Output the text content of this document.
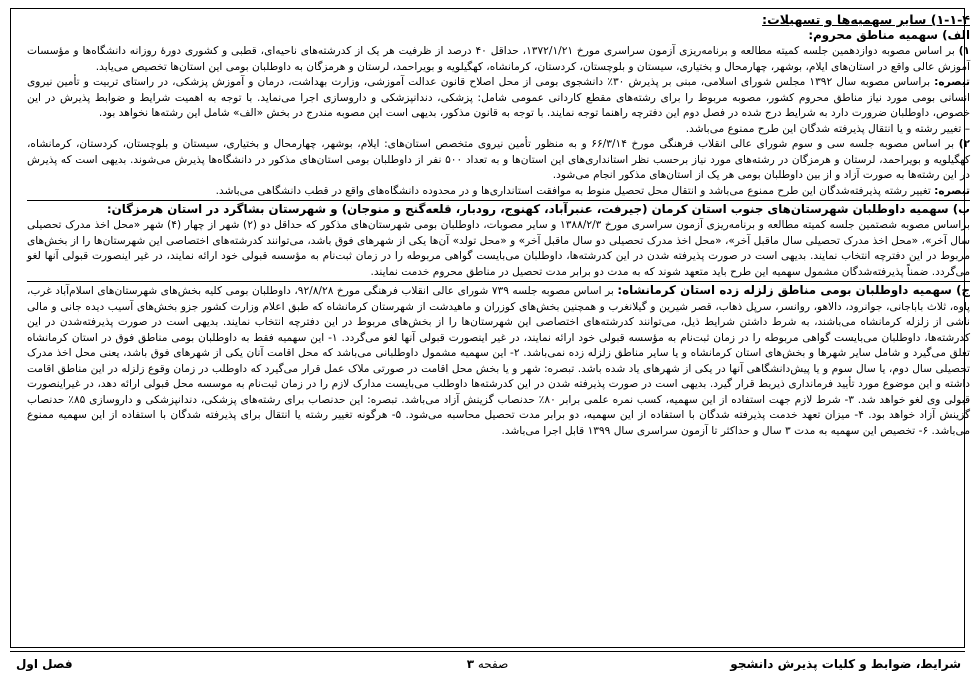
۱-۱-۴) سایر سهمیه‌ها و تسهیلات:

الف) سهمیه مناطق محروم:

۱) بر اساس مصوبه دوازدهمین جلسه کمیته مطالعه و برنامه‌ریزی آزمون سراسری مورخ ۱۳۷۲/۱/۲۱، حداقل ۴۰ درصد از ظرفیت هر یک از کدرشته‌های ناحیه‌ای، قطبی و کشوری دورهٔ روزانه دانشگاه‌ها و مؤسسات آموزش عالی واقع در استان‌های ایلام، بوشهر، چهارمحال و بختیاری، سیستان و بلوچستان، کردستان، کرمانشاه، کهگیلویه و بویراحمد، لرستان و هرمزگان به داوطلبان بومی این استان‌ها تخصیص می‌یابد.

تبصره: براساس مصوبه سال ۱۳۹۲ مجلس شورای اسلامی، مبنی بر پذیرش ۳۰٪ دانشجوی بومی از محل اصلاح قانون عدالت آموزشی، وزارت بهداشت، درمان و آموزش پزشکی، در راستای تربیت و تأمین نیروی انسانی بومی مورد نیاز مناطق محروم کشور، مصوبه مربوط را برای رشته‌های مقطع کاردانی عمومی شامل: پزشکی، دندانپزشکی و داروسازی اجرا می‌نماید. با توجه به اهمیت شرایط و ضوابط پذیرش در این خصوص، داوطلبان ضرورت دارد به شرایط درج شده در فصل دوم این دفترچه راهنما توجه نمایند. با توجه به قانون مذکور، بدیهی است این مصوبه مندرج در بخش «الف» شامل این رشته‌ها نخواهد بود.

– تغییر رشته و یا انتقال پذیرفته شدگان این طرح ممنوع می‌باشد.

۲) بر اساس مصوبه جلسه سی و سوم شورای عالی انقلاب فرهنگی مورخ ۶۶/۳/۱۴ و به منظور تأمین نیروی متخصص استان‌های: ایلام، بوشهر، چهارمحال و بختیاری، سیستان و بلوچستان، کردستان، کرمانشاه، کهگیلویه و بویراحمد، لرستان و هرمزگان در رشته‌های مورد نیاز برحسب نظر استانداری‌های این استان‌ها و به تعداد ۵۰۰ نفر از داوطلبان بومی استان‌های مذکور در دانشگاه‌ها پذیرش می‌شوند. بدیهی است که پذیرش در این رشته‌ها به صورت آزاد و از بین داوطلبان بومی هر یک از استان‌های مذکور انجام می‌شود.

تبصره: تغییر رشته پذیرفته‌شدگان این طرح ممنوع می‌باشد و انتقال محل تحصیل منوط به موافقت استانداری‌ها و در محدوده دانشگاه‌های واقع در قطب دانشگاهی می‌باشد.

ب) سهمیه داوطلبان شهرستان‌های جنوب استان کرمان (جیرفت، عنبرآباد، کهنوج، رودبار، قلعه‌گنج و منوجان) و شهرستان بشاگرد در استان هرمزگان:

براساس مصوبه شصتمین جلسه کمیته مطالعه و برنامه‌ریزی آزمون سراسری مورخ ۱۳۸۸/۲/۳ و سایر مصوبات، داوطلبان بومی شهرستان‌های مذکور که حداقل دو (۲) شهر از چهار (۴) شهر «محل اخذ مدرک تحصیلی سال آخر»، «محل اخذ مدرک تحصیلی سال ماقبل آخر»، «محل اخذ مدرک تحصیلی دو سال ماقبل آخر» و «محل تولد» آن‌ها یکی از شهرهای فوق باشد، می‌توانند کدرشته‌های اختصاصی این شهرستان‌ها را از بخش‌های مربوط در این دفترچه انتخاب نمایند. بدیهی است در صورت پذیرفته شدن در این کدرشته‌ها، داوطلبان می‌بایست گواهی مربوطه را در زمان ثبت‌نام به مؤسسه قبولی خود ارائه نمایند، در غیر اینصورت قبولی آنها لغو می‌گردد. ضمناً پذیرفته‌شدگان مشمول سهمیه این طرح باید متعهد شوند که به مدت دو برابر مدت تحصیل در مناطق محروم خدمت نمایند.

ج) سهمیه داوطلبان بومی مناطق زلزله زده استان کرمانشاه: بر اساس مصوبه جلسه ۷۳۹ شورای عالی انقلاب فرهنگی مورخ ۹۲/۸/۲۸، داوطلبان بومی کلیه بخش‌های شهرستان‌های اسلام‌آباد غرب، پاوه، ثلاث باباجانی، جوانرود، دالاهو، روانسر، سرپل ذهاب، قصر شیرین و گیلانغرب و همچنین بخش‌های کوزران و ماهیدشت از شهرستان کرمانشاه که طبق اعلام وزارت کشور جزو بخش‌های آسیب دیده جانی و مالی ناشی از زلزله کرمانشاه می‌باشند، به شرط داشتن شرایط ذیل، می‌توانند کدرشته‌های اختصاصی این شهرستان‌ها را از بخش‌های مربوط در این دفترچه انتخاب نمایند. بدیهی است در صورت پذیرفته‌شدن در این کدرشته‌ها، داوطلبان می‌بایست گواهی مربوطه را در زمان ثبت‌نام به مؤسسه قبولی خود ارائه نمایند، در غیر اینصورت قبولی آنها لغو می‌گردد. ۱- این سهمیه فقط به داوطلبان بومی مناطق فوق در استان کرمانشاه تعلق می‌گیرد و شامل سایر شهرها و بخش‌های استان کرمانشاه و یا سایر مناطق زلزله زده نمی‌باشد. ۲- این سهمیه مشمول داوطلبانی می‌باشد که محل اقامت آنان یکی از شهرهای فوق باشد، یعنی محل اخذ مدرک تحصیلی سال دوم، یا سال سوم و یا پیش‌دانشگاهی آنها در یکی از شهرهای یاد شده باشد. تبصره: شهر و یا بخش محل اقامت در صورتی ملاک عمل قرار می‌گیرد که داوطلب در زمان وقوع زلزله در این مناطق اقامت داشته و این موضوع مورد تأیید فرمانداری ذیربط قرار گیرد. بدیهی است در صورت پذیرفته شدن در این کدرشته‌ها داوطلب می‌بایست مدارک لازم را در زمان ثبت‌نام به موسسه محل قبولی ارائه دهد، در غیراینصورت قبولی وی لغو خواهد شد. ۳- شرط لازم جهت استفاده از این سهمیه، کسب نمره علمی برابر ۸۰٪ حدنصاب گزینش آزاد می‌باشد. تبصره: این حدنصاب برای رشته‌های پزشکی، دندانپزشکی و داروسازی ۸۵٪ حدنصاب گزینش آزاد خواهد بود. ۴- میزان تعهد خدمت پذیرفته شدگان با استفاده از این سهمیه، دو برابر مدت تحصیل محاسبه می‌شود. ۵- هرگونه تغییر رشته یا انتقال برای پذیرفته شدگان با استفاده از این سهمیه ممنوع می‌باشد. ۶- تخصیص این سهمیه به مدت ۳ سال و حداکثر تا آزمون سراسری سال ۱۳۹۹ قابل اجرا می‌باشد.

شرایط، ضوابط و کلیات پذیرش دانشجو
صفحه ۳
فصل اول
